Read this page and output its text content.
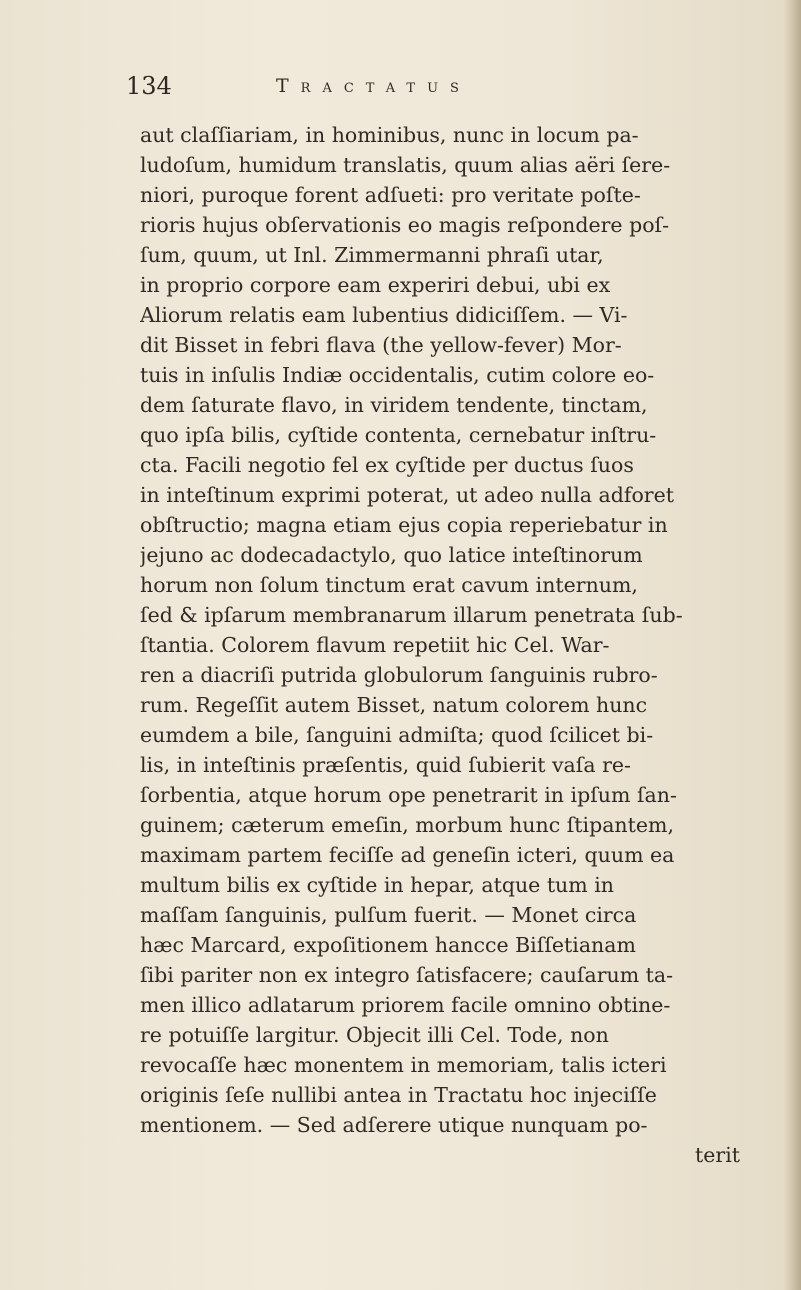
134	Tractatus
aut claſſiariam, in hominibus, nunc in locum pa-
ludoſum, humidum translatis, quum alias aëri ſere-
niori, puroque forent adſueti: pro veritate poſte-
rioris hujus obſervationis eo magis reſpondere poſ-
ſum, quum, ut Inl. Zimmermanni phraſi utar,
in proprio corpore eam experiri debui, ubi ex
Aliorum relatis eam lubentius didiciſſem. — Vi-
dit Bisset in febri flava (the yellow-fever) Mor-
tuis in inſulis Indiæ occidentalis, cutim colore eo-
dem ſaturate flavo, in viridem tendente, tinctam,
quo ipſa bilis, cyſtide contenta, cernebatur inſtru-
cta. Facili negotio fel ex cyſtide per ductus ſuos
in inteſtinum exprimi poterat, ut adeo nulla adforet
obſtructio; magna etiam ejus copia reperiebatur in
jejuno ac dodecadactylo, quo latice inteſtinorum
horum non ſolum tinctum erat cavum internum,
ſed & ipſarum membranarum illarum penetrata ſub-
ſtantia. Colorem flavum repetiit hic Cel. War-
ren a diacriſi putrida globulorum ſanguinis rubro-
rum. Regeſſit autem Bisset, natum colorem hunc
eumdem a bile, ſanguini admiſta; quod ſcilicet bi-
lis, in inteſtinis præſentis, quid ſubierit vaſa re-
ſorbentia, atque horum ope penetrarit in ipſum ſan-
guinem; cæterum emeſin, morbum hunc ſtipantem,
maximam partem feciſſe ad geneſin icteri, quum ea
multum bilis ex cyſtide in hepar, atque tum in
maſſam ſanguinis, pulſum fuerit. — Monet circa
hæc Marcard, expoſitionem hancce Biſſetianam
ſibi pariter non ex integro ſatisfacere; cauſarum ta-
men illico adlatarum priorem facile omnino obtine-
re potuiſſe largitur. Objecit illi Cel. Tode, non
revocaſſe hæc monentem in memoriam, talis icteri
originis ſeſe nullibi antea in Tractatu hoc injeciſſe
mentionem. — Sed adſerere utique nunquam po-
terit
